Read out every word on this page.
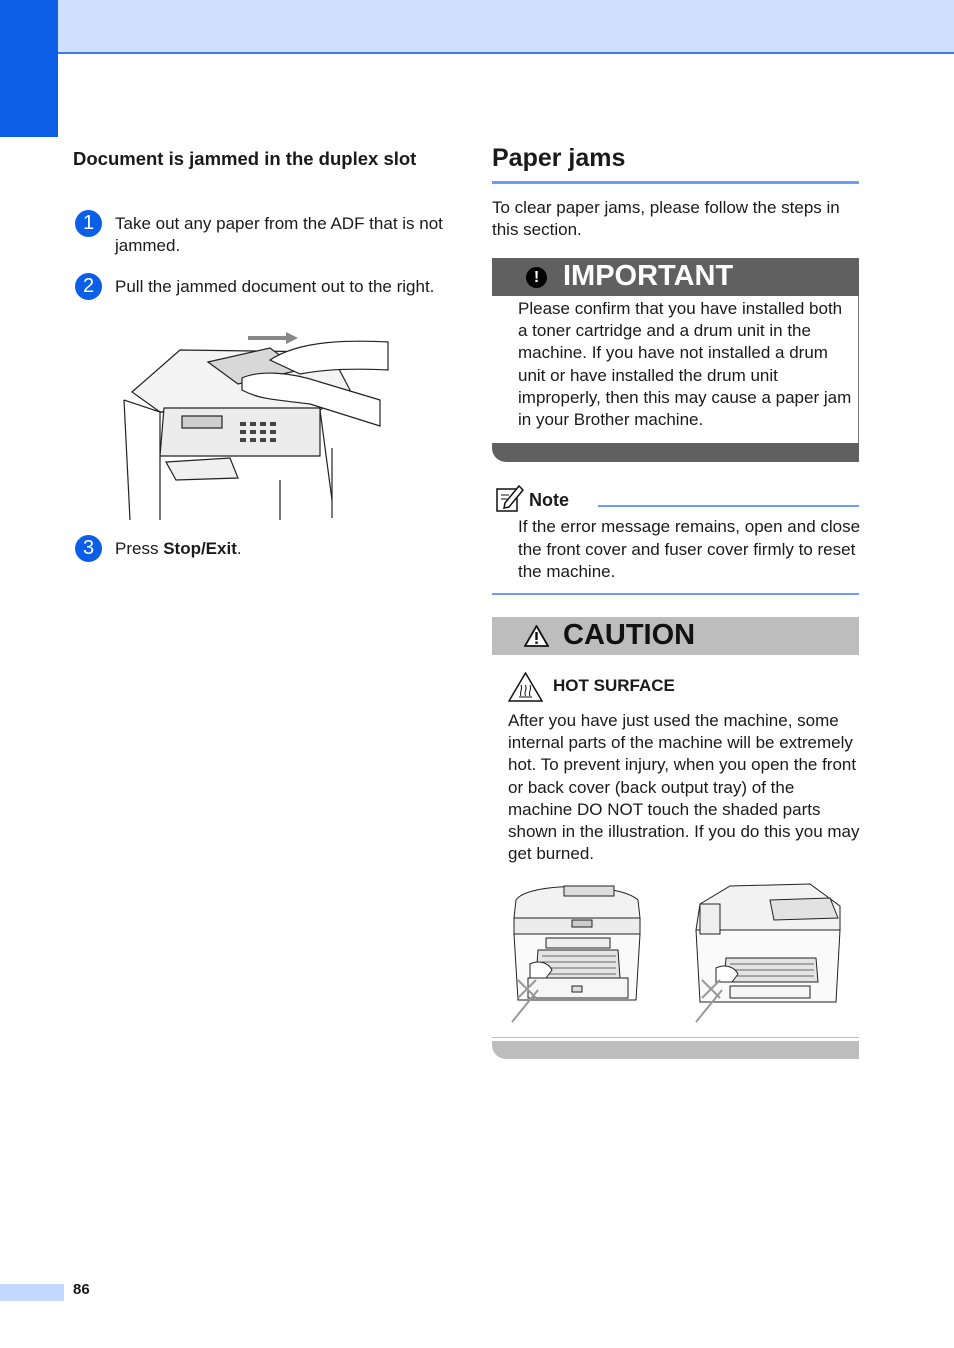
Document is jammed in the duplex slot
1	Take out any paper from the ADF that is not jammed.
2	Pull the jammed document out to the right.
3	Press Stop/Exit.
Paper jams
To clear paper jams, please follow the steps in this section.
! IMPORTANT
Please confirm that you have installed both a toner cartridge and a drum unit in the machine. If you have not installed a drum unit or have installed the drum unit improperly, then this may cause a paper jam in your Brother machine.
Note
If the error message remains, open and close the front cover and fuser cover firmly to reset the machine.
CAUTION
HOT SURFACE
After you have just used the machine, some internal parts of the machine will be extremely hot. To prevent injury, when you open the front or back cover (back output tray) of the machine DO NOT touch the shaded parts shown in the illustration. If you do this you may get burned.
86
